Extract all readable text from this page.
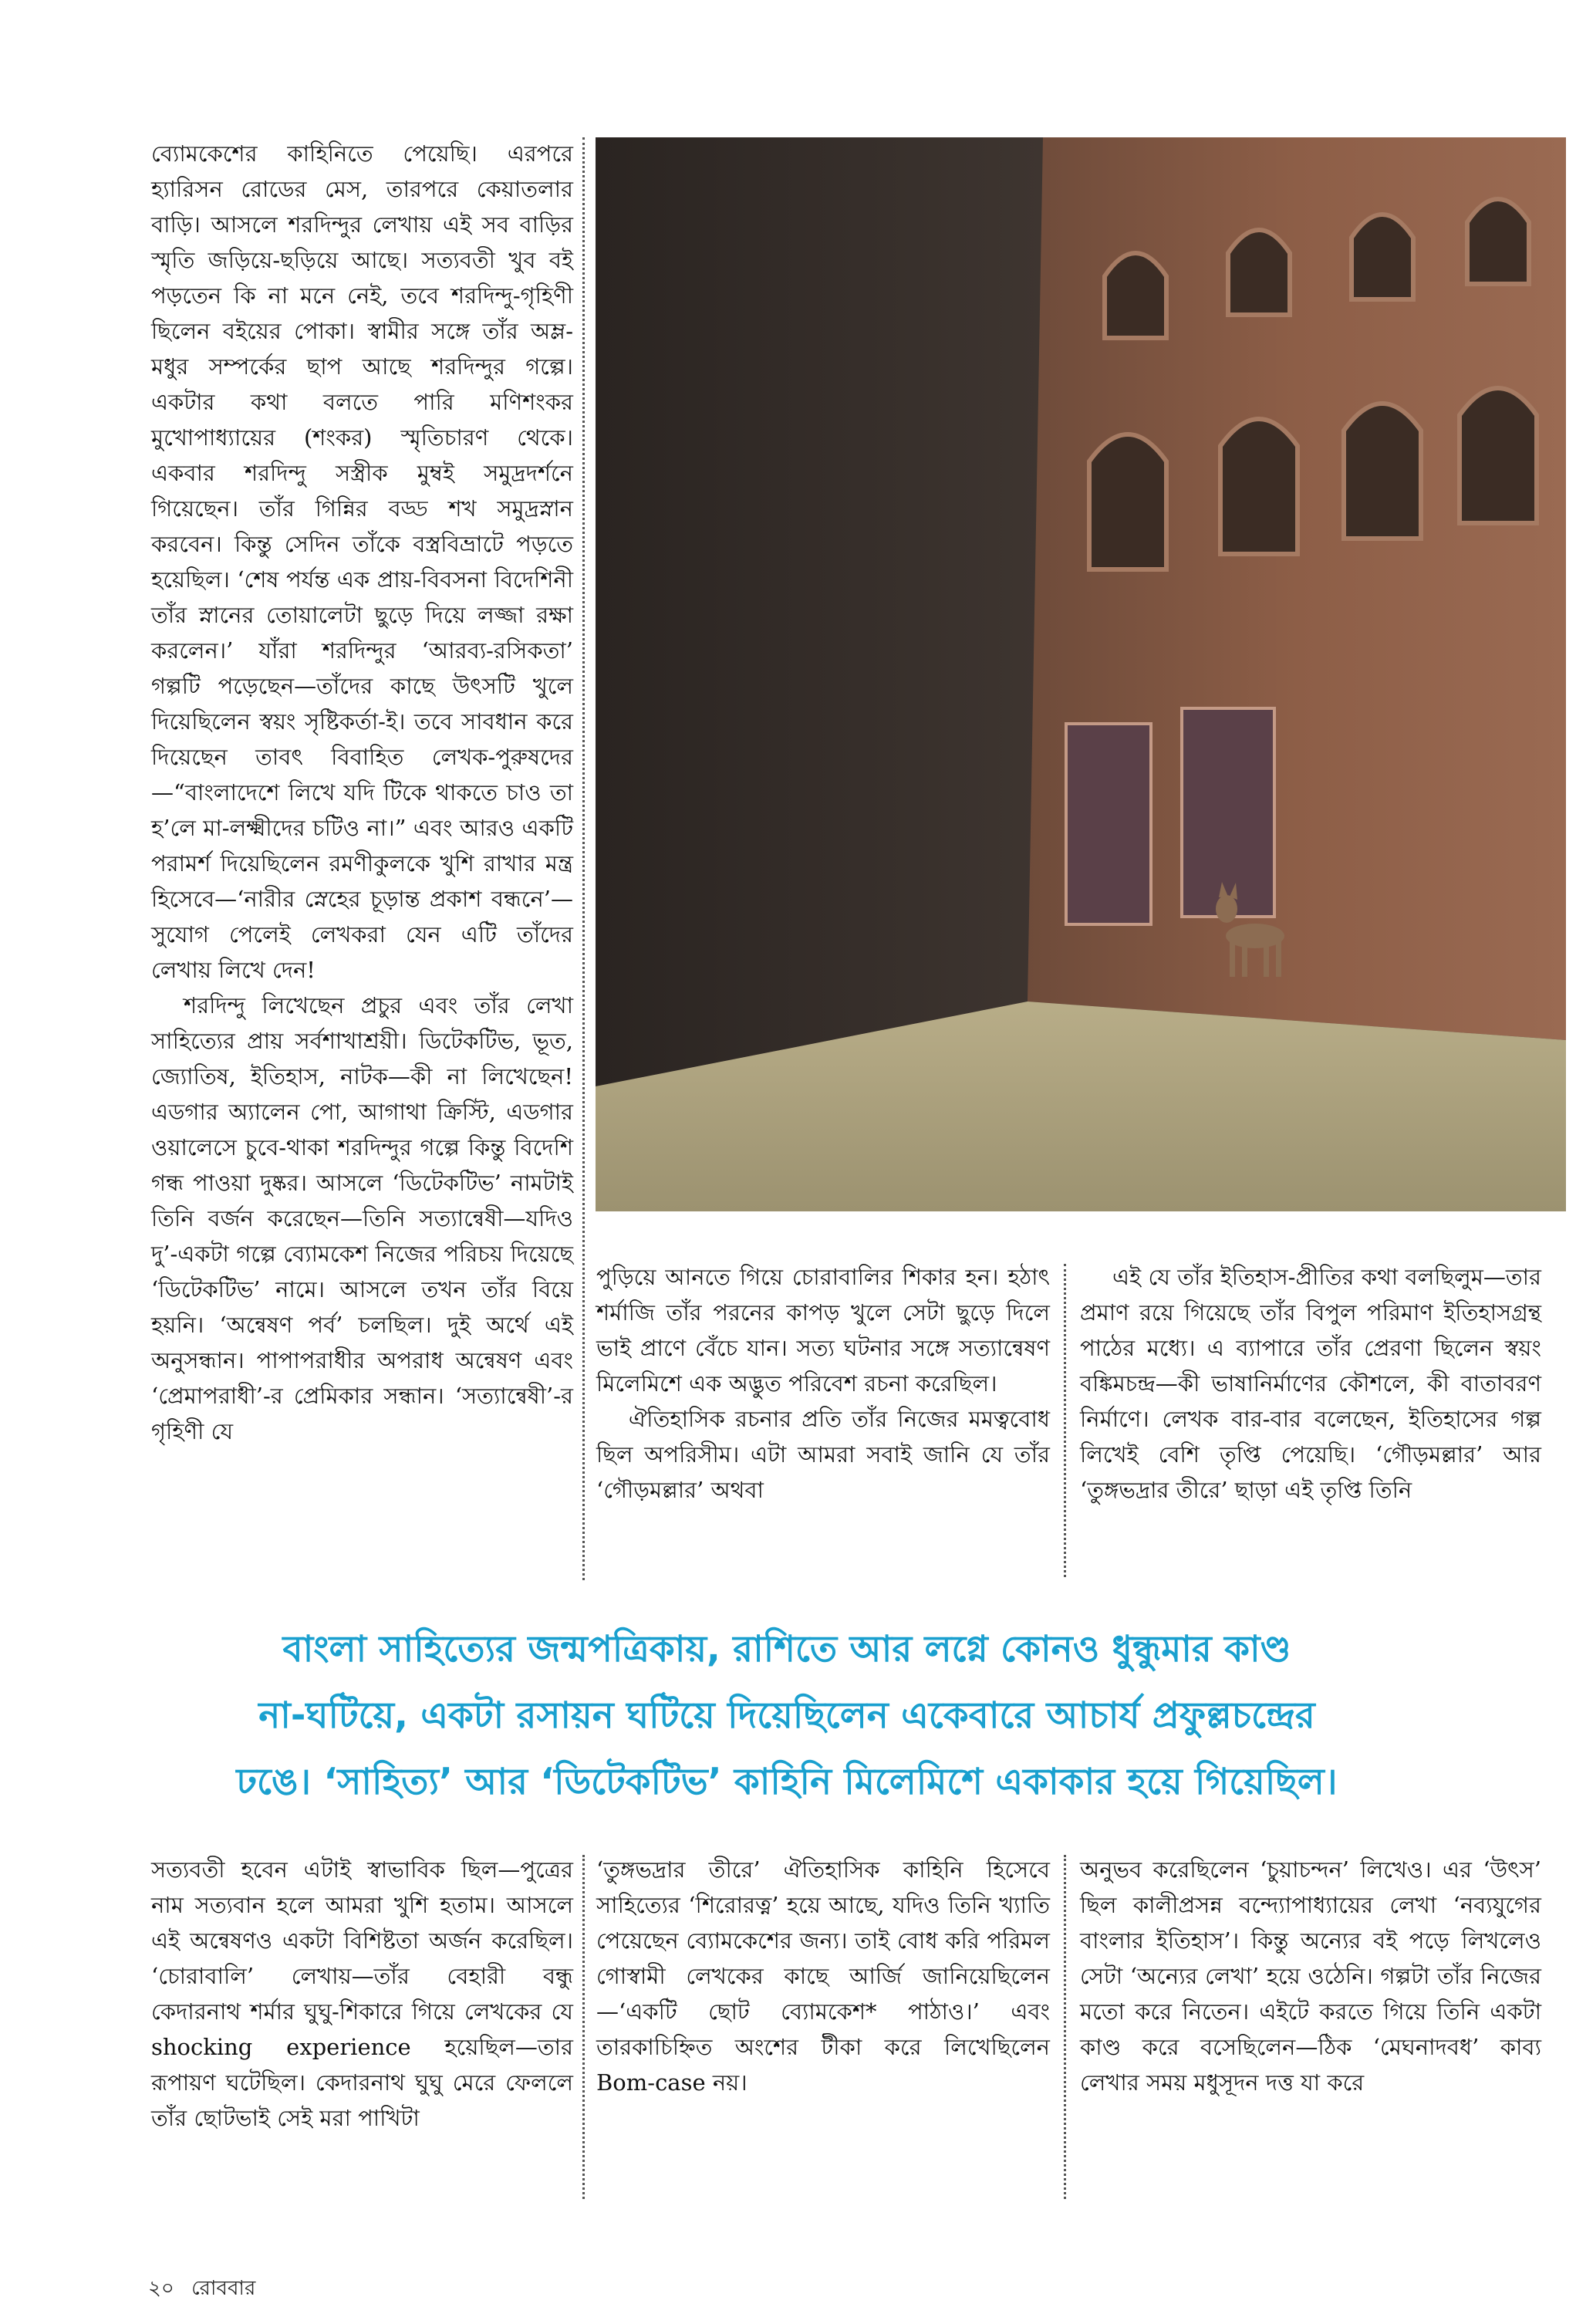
ব্যোমকেশের কাহিনিতে পেয়েছি। এরপরে হ্যারিসন রোডের মেস, তারপরে কেয়াতলার বাড়ি। আসলে শরদিন্দুর লেখায় এই সব বাড়ির স্মৃতি জড়িয়ে-ছড়িয়ে আছে। সত্যবতী খুব বই পড়তেন কি না মনে নেই, তবে শরদিন্দু-গৃহিণী ছিলেন বইয়ের পোকা। স্বামীর সঙ্গে তাঁর অম্ল-মধুর সম্পর্কের ছাপ আছে শরদিন্দুর গল্পে। একটার কথা বলতে পারি মণিশংকর মুখোপাধ্যায়ের (শংকর) স্মৃতিচারণ থেকে। একবার শরদিন্দু সস্ত্রীক মুম্বই সমুদ্রদর্শনে গিয়েছেন। তাঁর গিন্নির বড্ড শখ সমুদ্রস্নান করবেন। কিন্তু সেদিন তাঁকে বস্ত্রবিভ্রাটে পড়তে হয়েছিল। ‘শেষ পর্যন্ত এক প্রায়-বিবসনা বিদেশিনী তাঁর স্নানের তোয়ালেটা ছুড়ে দিয়ে লজ্জা রক্ষা করলেন।’ যাঁরা শরদিন্দুর ‘আরব্য-রসিকতা’ গল্পটি পড়েছেন—তাঁদের কাছে উৎসটি খুলে দিয়েছিলেন স্বয়ং সৃষ্টিকর্তা-ই। তবে সাবধান করে দিয়েছেন তাবৎ বিবাহিত লেখক-পুরুষদের—“বাংলাদেশে লিখে যদি টিকে থাকতে চাও তা হ’লে মা-লক্ষ্মীদের চটিও না।” এবং আরও একটি পরামর্শ দিয়েছিলেন রমণীকুলকে খুশি রাখার মন্ত্র হিসেবে—‘নারীর স্নেহের চূড়ান্ত প্রকাশ বন্ধনে’—সুযোগ পেলেই লেখকরা যেন এটি তাঁদের লেখায় লিখে দেন!

শরদিন্দু লিখেছেন প্রচুর এবং তাঁর লেখা সাহিত্যের প্রায় সর্বশাখাশ্রয়ী। ডিটেকটিভ, ভূত, জ্যোতিষ, ইতিহাস, নাটক—কী না লিখেছেন! এডগার অ্যালেন পো, আগাথা ক্রিস্টি, এডগার ওয়ালেসে চুবে-থাকা শরদিন্দুর গল্পে কিন্তু বিদেশি গন্ধ পাওয়া দুষ্কর। আসলে ‘ডিটেকটিভ’ নামটাই তিনি বর্জন করেছেন—তিনি সত্যান্বেষী—যদিও দু’-একটা গল্পে ব্যোমকেশ নিজের পরিচয় দিয়েছে ‘ডিটেকটিভ’ নামে। আসলে তখন তাঁর বিয়ে হয়নি। ‘অন্বেষণ পর্ব’ চলছিল। দুই অর্থে এই অনুসন্ধান। পাপাপরাধীর অপরাধ অন্বেষণ এবং ‘প্রেমাপরাধী’-র প্রেমিকার সন্ধান। ‘সত্যান্বেষী’-র গৃহিণী যে

পুড়িয়ে আনতে গিয়ে চোরাবালির শিকার হন। হঠাৎ শর্মাজি তাঁর পরনের কাপড় খুলে সেটা ছুড়ে দিলে ভাই প্রাণে বেঁচে যান। সত্য ঘটনার সঙ্গে সত্যান্বেষণ মিলেমিশে এক অদ্ভুত পরিবেশ রচনা করেছিল।

ঐতিহাসিক রচনার প্রতি তাঁর নিজের মমত্ববোধ ছিল অপরিসীম। এটা আমরা সবাই জানি যে তাঁর ‘গৌড়মল্লার’ অথবা

এই যে তাঁর ইতিহাস-প্রীতির কথা বলছিলুম—তার প্রমাণ রয়ে গিয়েছে তাঁর বিপুল পরিমাণ ইতিহাসগ্রন্থ পাঠের মধ্যে। এ ব্যাপারে তাঁর প্রেরণা ছিলেন স্বয়ং বঙ্কিমচন্দ্র—কী ভাষানির্মাণের কৌশলে, কী বাতাবরণ নির্মাণে। লেখক বার-বার বলেছেন, ইতিহাসের গল্প লিখেই বেশি তৃপ্তি পেয়েছি। ‘গৌড়মল্লার’ আর ‘তুঙ্গভদ্রার তীরে’ ছাড়া এই তৃপ্তি তিনি

বাংলা সাহিত্যের জন্মপত্রিকায়, রাশিতে আর লগ্নে কোনও ধুন্ধুমার কাণ্ড
না-ঘটিয়ে, একটা রসায়ন ঘটিয়ে দিয়েছিলেন একেবারে আচার্য প্রফুল্লচন্দ্রের
ঢঙে। ‘সাহিত্য’ আর ‘ডিটেকটিভ’ কাহিনি মিলেমিশে একাকার হয়ে গিয়েছিল।

সত্যবতী হবেন এটাই স্বাভাবিক ছিল—পুত্রের নাম সত্যবান হলে আমরা খুশি হতাম। আসলে এই অন্বেষণও একটা বিশিষ্টতা অর্জন করেছিল। ‘চোরাবালি’ লেখায়—তাঁর বেহারী বন্ধু কেদারনাথ শর্মার ঘুঘু-শিকারে গিয়ে লেখকের যে shocking experience হয়েছিল—তার রূপায়ণ ঘটেছিল। কেদারনাথ ঘুঘু মেরে ফেললে তাঁর ছোটভাই সেই মরা পাখিটা

‘তুঙ্গভদ্রার তীরে’ ঐতিহাসিক কাহিনি হিসেবে সাহিত্যের ‘শিরোরত্ন’ হয়ে আছে, যদিও তিনি খ্যাতি পেয়েছেন ব্যোমকেশের জন্য। তাই বোধ করি পরিমল গোস্বামী লেখকের কাছে আর্জি জানিয়েছিলেন—‘একটি ছোট ব্যোমকেশ* পাঠাও।’ এবং তারকাচিহ্নিত অংশের টীকা করে লিখেছিলেন Bom-case নয়।

অনুভব করেছিলেন ‘চুয়াচন্দন’ লিখেও। এর ‘উৎস’ ছিল কালীপ্রসন্ন বন্দ্যোপাধ্যায়ের লেখা ‘নব্যযুগের বাংলার ইতিহাস’। কিন্তু অন্যের বই পড়ে লিখলেও সেটা ‘অন্যের লেখা’ হয়ে ওঠেনি। গল্পটা তাঁর নিজের মতো করে নিতেন। এইটে করতে গিয়ে তিনি একটা কাণ্ড করে বসেছিলেন—ঠিক ‘মেঘনাদবধ’ কাব্য লেখার সময় মধুসূদন দত্ত যা করে

২০ রোববার
